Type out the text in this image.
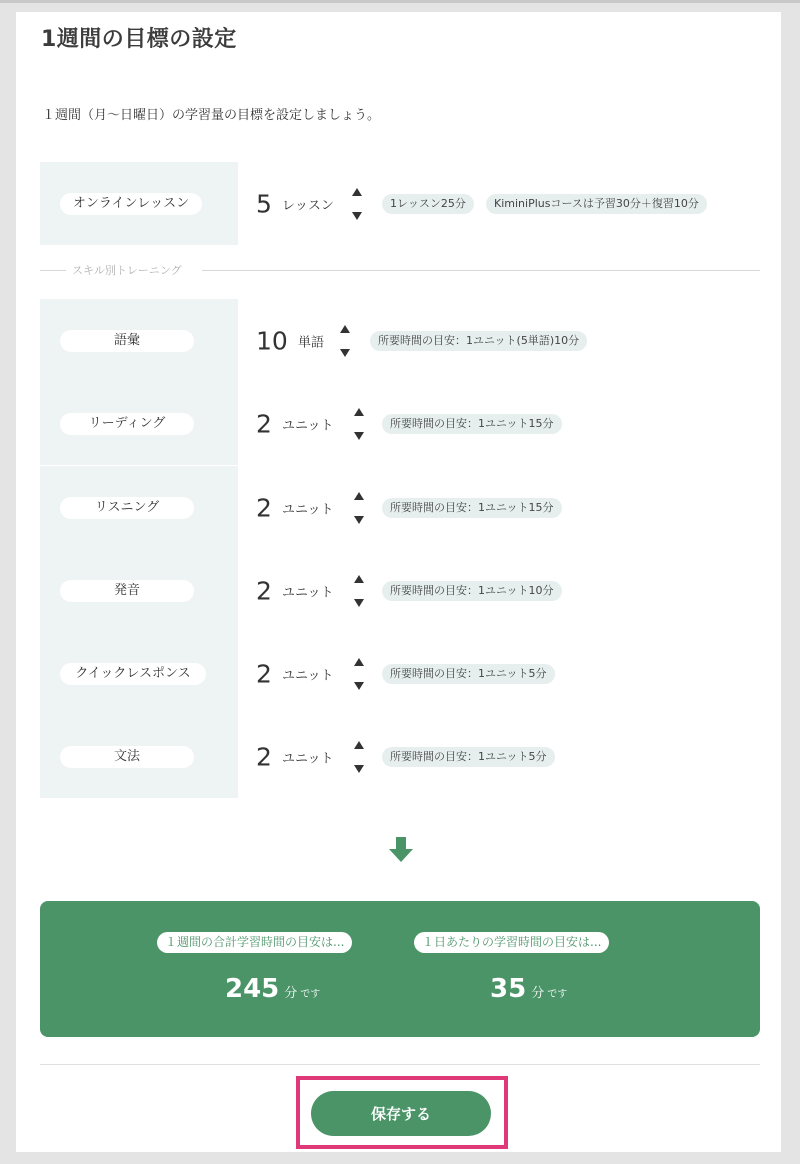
1週間の目標の設定

１週間（月〜日曜日）の学習量の目標を設定しましょう。

オンラインレッスン	5 レッスン	1レッスン25分	KiminiPlusコースは予習30分＋復習10分
スキル別トレーニング
語彙	10 単語	所要時間の目安：1ユニット(5単語)10分
リーディング	2 ユニット	所要時間の目安：1ユニット15分
リスニング	2 ユニット	所要時間の目安：1ユニット15分
発音	2 ユニット	所要時間の目安：1ユニット10分
クイックレスポンス	2 ユニット	所要時間の目安：1ユニット5分
文法	2 ユニット	所要時間の目安：1ユニット5分
１週間の合計学習時間の目安は...	１日あたりの学習時間の目安は...
245 分 です	35 分 です
保存する
